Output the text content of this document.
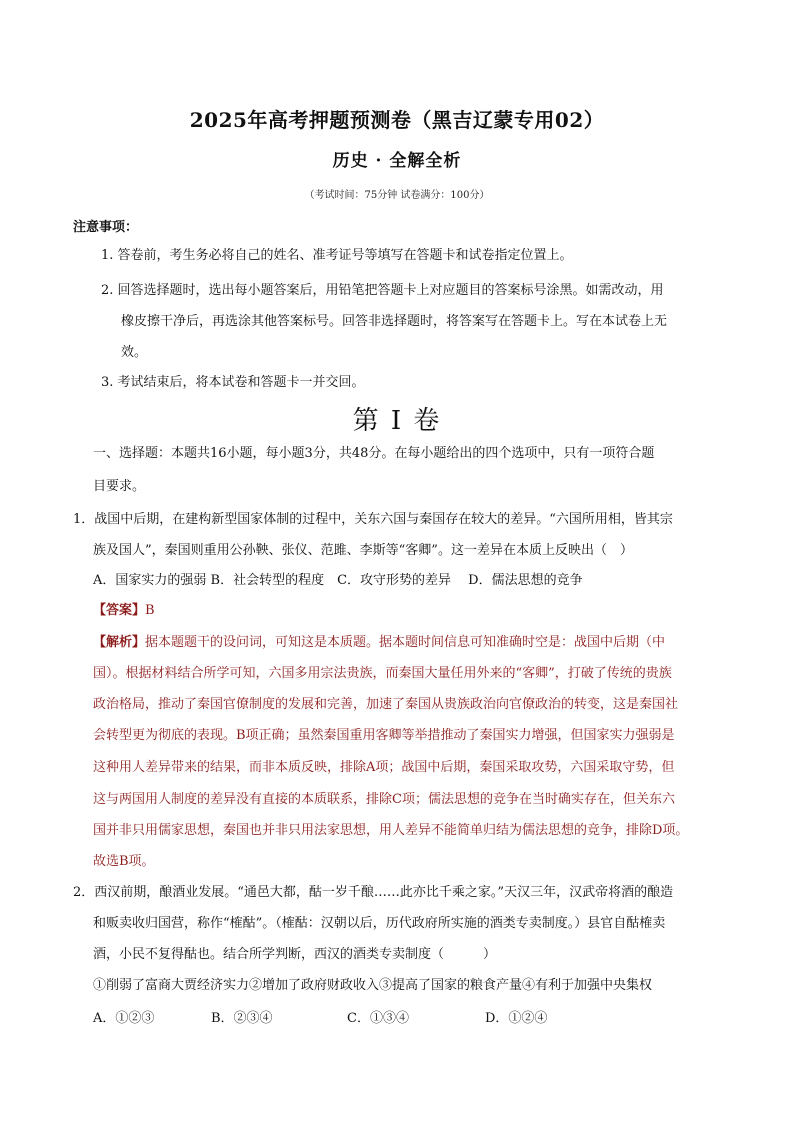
2025年高考押题预测卷（黑吉辽蒙专用02）
历史 · 全解全析
（考试时间：75分钟 试卷满分：100分）
注意事项：
1. 答卷前，考生务必将自己的姓名、准考证号等填写在答题卡和试卷指定位置上。
2. 回答选择题时，选出每小题答案后，用铅笔把答题卡上对应题目的答案标号涂黑。如需改动，用
橡皮擦干净后，再选涂其他答案标号。回答非选择题时，将答案写在答题卡上。写在本试卷上无
效。
3. 考试结束后，将本试卷和答题卡一并交回。
第 I 卷
一、选择题：本题共16小题，每小题3分，共48分。在每小题给出的四个选项中，只有一项符合题
目要求。
1．战国中后期，在建构新型国家体制的过程中，关东六国与秦国存在较大的差异。“六国所用相，皆其宗
族及国人”，秦国则重用公孙鞅、张仪、范雎、李斯等“客卿”。这一差异在本质上反映出（　）
A．国家实力的强弱 B．社会转型的程度　C．攻守形势的差异　 D．儒法思想的竞争
【答案】B
【解析】据本题题干的设问词，可知这是本质题。据本题时间信息可知准确时空是：战国中后期（中
国）。根据材料结合所学可知，六国多用宗法贵族，而秦国大量任用外来的“客卿”，打破了传统的贵族
政治格局，推动了秦国官僚制度的发展和完善，加速了秦国从贵族政治向官僚政治的转变，这是秦国社
会转型更为彻底的表现。B项正确；虽然秦国重用客卿等举措推动了秦国实力增强，但国家实力强弱是
这种用人差异带来的结果，而非本质反映，排除A项；战国中后期，秦国采取攻势，六国采取守势，但
这与两国用人制度的差异没有直接的本质联系，排除C项；儒法思想的竞争在当时确实存在，但关东六
国并非只用儒家思想，秦国也并非只用法家思想，用人差异不能简单归结为儒法思想的竞争，排除D项。
故选B项。
2．西汉前期，酿酒业发展。“通邑大都，酤一岁千酿……此亦比千乘之家。”天汉三年，汉武帝将酒的酿造
和贩卖收归国营，称作“榷酤”。（榷酤：汉朝以后，历代政府所实施的酒类专卖制度。）县官自酤榷卖
酒，小民不复得酤也。结合所学判断，西汉的酒类专卖制度（　　　）
①削弱了富商大贾经济实力②增加了政府财政收入③提高了国家的粮食产量④有利于加强中央集权
A．①②③	B．②③④	C．①③④	D．①②④
